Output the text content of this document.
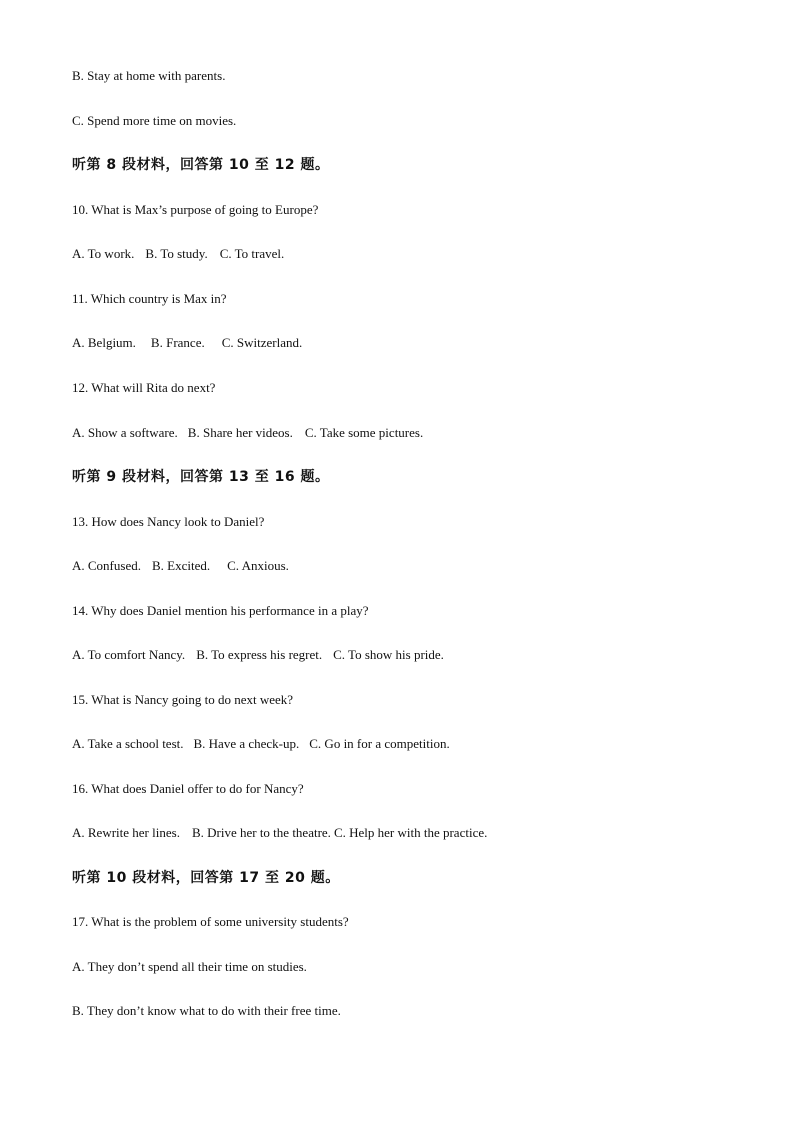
B. Stay at home with parents.
C. Spend more time on movies.
听第 8 段材料，回答第 10 至 12 题。
10. What is Max’s purpose of going to Europe?
A. To work. B. To study. C. To travel.
11. Which country is Max in?
A. Belgium. B. France. C. Switzerland.
12. What will Rita do next?
A. Show a software. B. Share her videos. C. Take some pictures.
听第 9 段材料，回答第 13 至 16 题。
13. How does Nancy look to Daniel?
A. Confused. B. Excited. C. Anxious.
14. Why does Daniel mention his performance in a play?
A. To comfort Nancy. B. To express his regret. C. To show his pride.
15. What is Nancy going to do next week?
A. Take a school test. B. Have a check-up. C. Go in for a competition.
16. What does Daniel offer to do for Nancy?
A. Rewrite her lines. B. Drive her to the theatre. C. Help her with the practice.
听第 10 段材料，回答第 17 至 20 题。
17. What is the problem of some university students?
A. They don’t spend all their time on studies.
B. They don’t know what to do with their free time.
